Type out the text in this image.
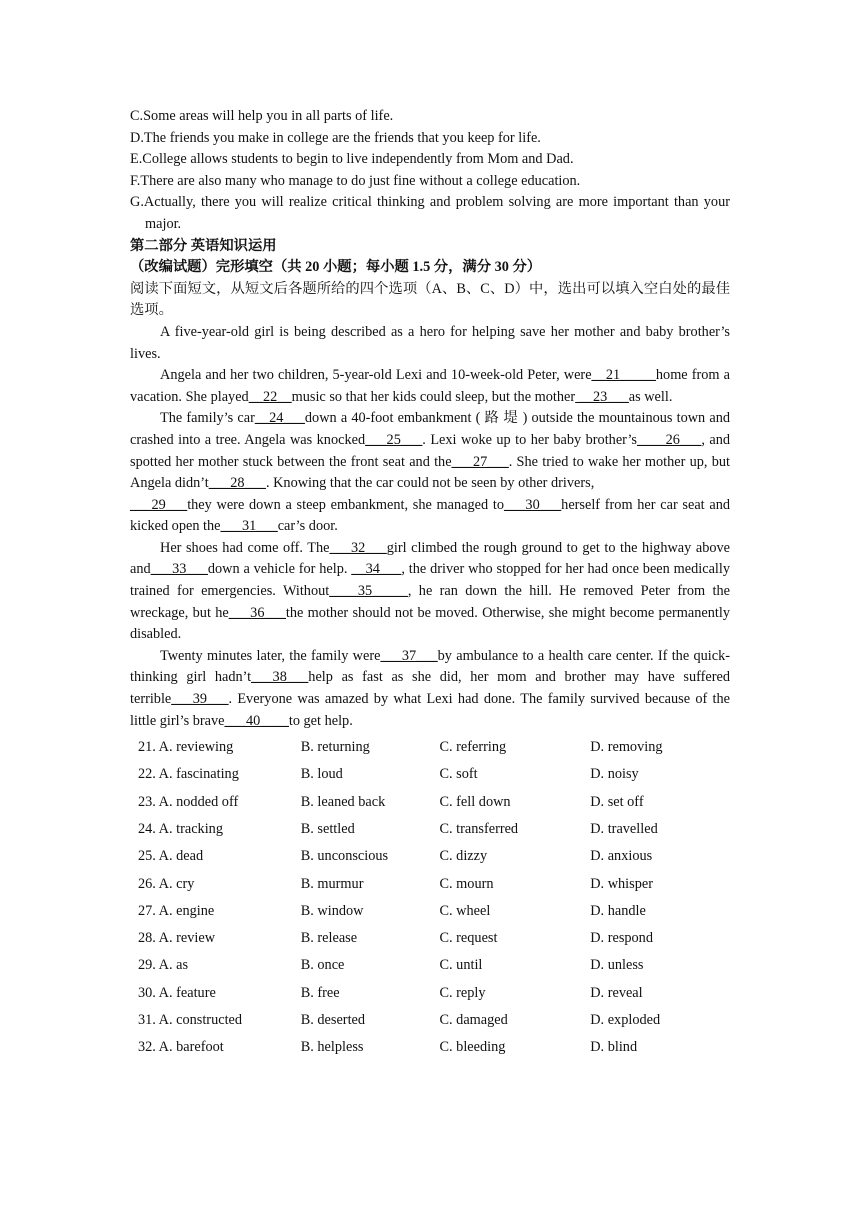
C.Some areas will help you in all parts of life.
D.The friends you make in college are the friends that you keep for life.
E.College allows students to begin to live independently from Mom and Dad.
F.There are also many who manage to do just fine without a college education.
G.Actually, there you will realize critical thinking and problem solving are more important than your major.
第二部分 英语知识运用
（改编试题）完形填空（共 20 小题；每小题 1.5 分，满分 30 分）

阅读下面短文，从短文后各题所给的四个选项（A、B、C、D）中，选出可以填入空白处的最佳选项。

A five-year-old girl is being described as a hero for helping save her mother and baby brother’s lives.

Angela and her two children, 5-year-old Lexi and 10-week-old Peter, were__21_____home from a vacation. She played__22__music so that her kids could sleep, but the mother __23___as well.

The family’s car__24___down a 40-foot embankment ( 路 堤 ) outside the mountainous town and crashed into a tree. Angela was knocked___25___. Lexi woke up to her baby brother’s____26___, and spotted her mother stuck between the front seat and the___27___. She tried to wake her mother up, but Angela didn’t___28___. Knowing that the car could not be seen by other drivers,

___29___they were down a steep embankment, she managed to___30___herself from her car seat and kicked open the___31___car’s door.

Her shoes had come off. The___32___girl climbed the rough ground to get to the highway above and___33___down a vehicle for help. __34___, the driver who stopped for her had once been medically trained for emergencies. Without____35_____, he ran down the hill. He removed Peter from the wreckage, but he___36___the mother should not be moved. Otherwise, she might become permanently disabled.

Twenty minutes later, the family were___37___by ambulance to a health care center. If the quick-thinking girl hadn’t___38___help as fast as she did, her mom and brother may have suffered terrible___39___. Everyone was amazed by what Lexi had done. The family survived because of the little girl’s brave___40____to get help.

21. A. reviewing	B. returning	C. referring	D. removing
22. A. fascinating	B. loud	C. soft	D. noisy
23. A. nodded off	B. leaned back	C. fell down	D. set off
24. A. tracking	B. settled	C. transferred	D. travelled
25. A. dead	B. unconscious	C. dizzy	D. anxious
26. A. cry	B. murmur	C. mourn	D. whisper
27. A. engine	B. window	C. wheel	D. handle
28. A. review	B. release	C. request	D. respond
29. A. as	B. once	C. until	D. unless
30. A. feature	B. free	C. reply	D. reveal
31. A. constructed	B. deserted	C. damaged	D. exploded
32. A. barefoot	B. helpless	C. bleeding	D. blind
